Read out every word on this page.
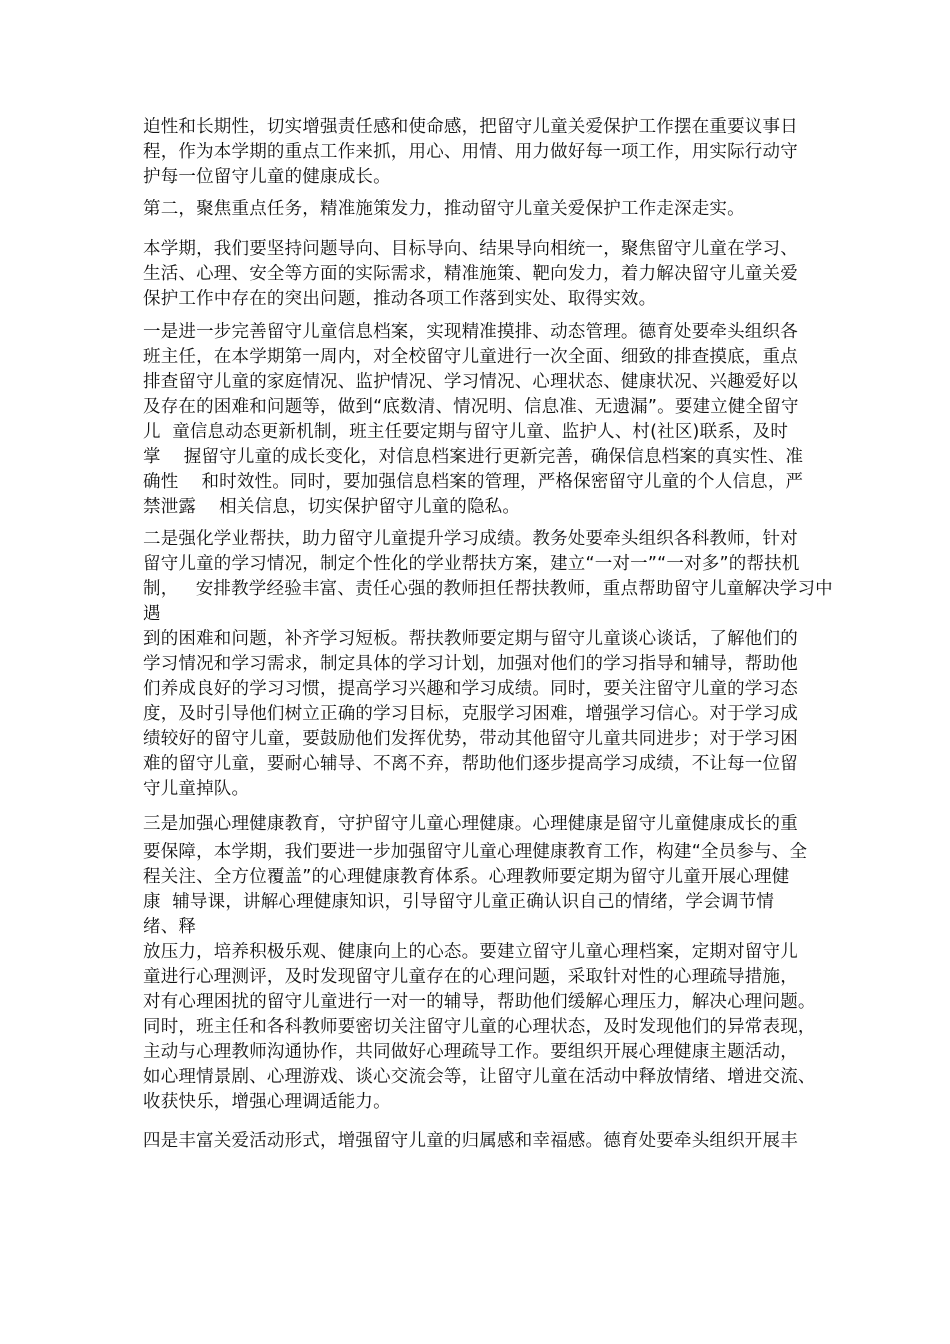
迫性和长期性，切实增强责任感和使命感，把留守儿童关爱保护工作摆在重要议事日

程，作为本学期的重点工作来抓，用心、用情、用力做好每一项工作，用实际行动守

护每一位留守儿童的健康成长。

第二，聚焦重点任务，精准施策发力，推动留守儿童关爱保护工作走深走实。

本学期，我们要坚持问题导向、目标导向、结果导向相统一，聚焦留守儿童在学习、

生活、心理、安全等方面的实际需求，精准施策、靶向发力，着力解决留守儿童关爱

保护工作中存在的突出问题，推动各项工作落到实处、取得实效。

一是进一步完善留守儿童信息档案，实现精准摸排、动态管理。德育处要牵头组织各

班主任，在本学期第一周内，对全校留守儿童进行一次全面、细致的排查摸底，重点

排查留守儿童的家庭情况、监护情况、学习情况、心理状态、健康状况、兴趣爱好以

及存在的困难和问题等，做到“底数清、情况明、信息准、无遗漏”。要建立健全留守

儿  童信息动态更新机制，班主任要定期与留守儿童、监护人、村(社区)联系，及时

掌    握留守儿童的成长变化，对信息档案进行更新完善，确保信息档案的真实性、准

确性    和时效性。同时，要加强信息档案的管理，严格保密留守儿童的个人信息，严

禁泄露    相关信息，切实保护留守儿童的隐私。

二是强化学业帮扶，助力留守儿童提升学习成绩。教务处要牵头组织各科教师，针对

留守儿童的学习情况，制定个性化的学业帮扶方案，建立“一对一”“一对多”的帮扶机

制，   安排教学经验丰富、责任心强的教师担任帮扶教师，重点帮助留守儿童解决学习中

遇

到的困难和问题，补齐学习短板。帮扶教师要定期与留守儿童谈心谈话，了解他们的

学习情况和学习需求，制定具体的学习计划，加强对他们的学习指导和辅导，帮助他

们养成良好的学习习惯，提高学习兴趣和学习成绩。同时，要关注留守儿童的学习态

度，及时引导他们树立正确的学习目标，克服学习困难，增强学习信心。对于学习成

绩较好的留守儿童，要鼓励他们发挥优势，带动其他留守儿童共同进步；对于学习困

难的留守儿童，要耐心辅导、不离不弃，帮助他们逐步提高学习成绩，不让每一位留

守儿童掉队。

三是加强心理健康教育，守护留守儿童心理健康。心理健康是留守儿童健康成长的重

要保障，本学期，我们要进一步加强留守儿童心理健康教育工作，构建“全员参与、全

程关注、全方位覆盖”的心理健康教育体系。心理教师要定期为留守儿童开展心理健

康  辅导课，讲解心理健康知识，引导留守儿童正确认识自己的情绪，学会调节情

绪、释

放压力，培养积极乐观、健康向上的心态。要建立留守儿童心理档案，定期对留守儿

童进行心理测评，及时发现留守儿童存在的心理问题，采取针对性的心理疏导措施，

对有心理困扰的留守儿童进行一对一的辅导，帮助他们缓解心理压力，解决心理问题。

同时，班主任和各科教师要密切关注留守儿童的心理状态，及时发现他们的异常表现，

主动与心理教师沟通协作，共同做好心理疏导工作。要组织开展心理健康主题活动，

如心理情景剧、心理游戏、谈心交流会等，让留守儿童在活动中释放情绪、增进交流、

收获快乐，增强心理调适能力。

四是丰富关爱活动形式，增强留守儿童的归属感和幸福感。德育处要牵头组织开展丰
